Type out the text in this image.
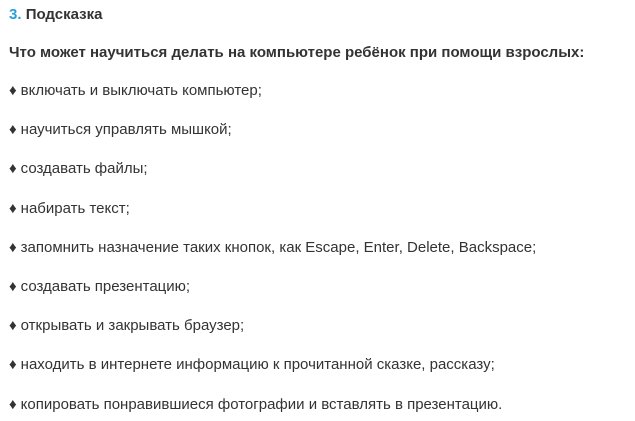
3. Подсказка
Что может научиться делать на компьютере ребёнок при помощи взрослых:
♦ включать и выключать компьютер;
♦ научиться управлять мышкой;
♦ создавать файлы;
♦ набирать текст;
♦ запомнить назначение таких кнопок, как Escape, Enter, Delete, Backspace;
♦ создавать презентацию;
♦ открывать и закрывать браузер;
♦ находить в интернете информацию к прочитанной сказке, рассказу;
♦ копировать понравившиеся фотографии и вставлять в презентацию.
